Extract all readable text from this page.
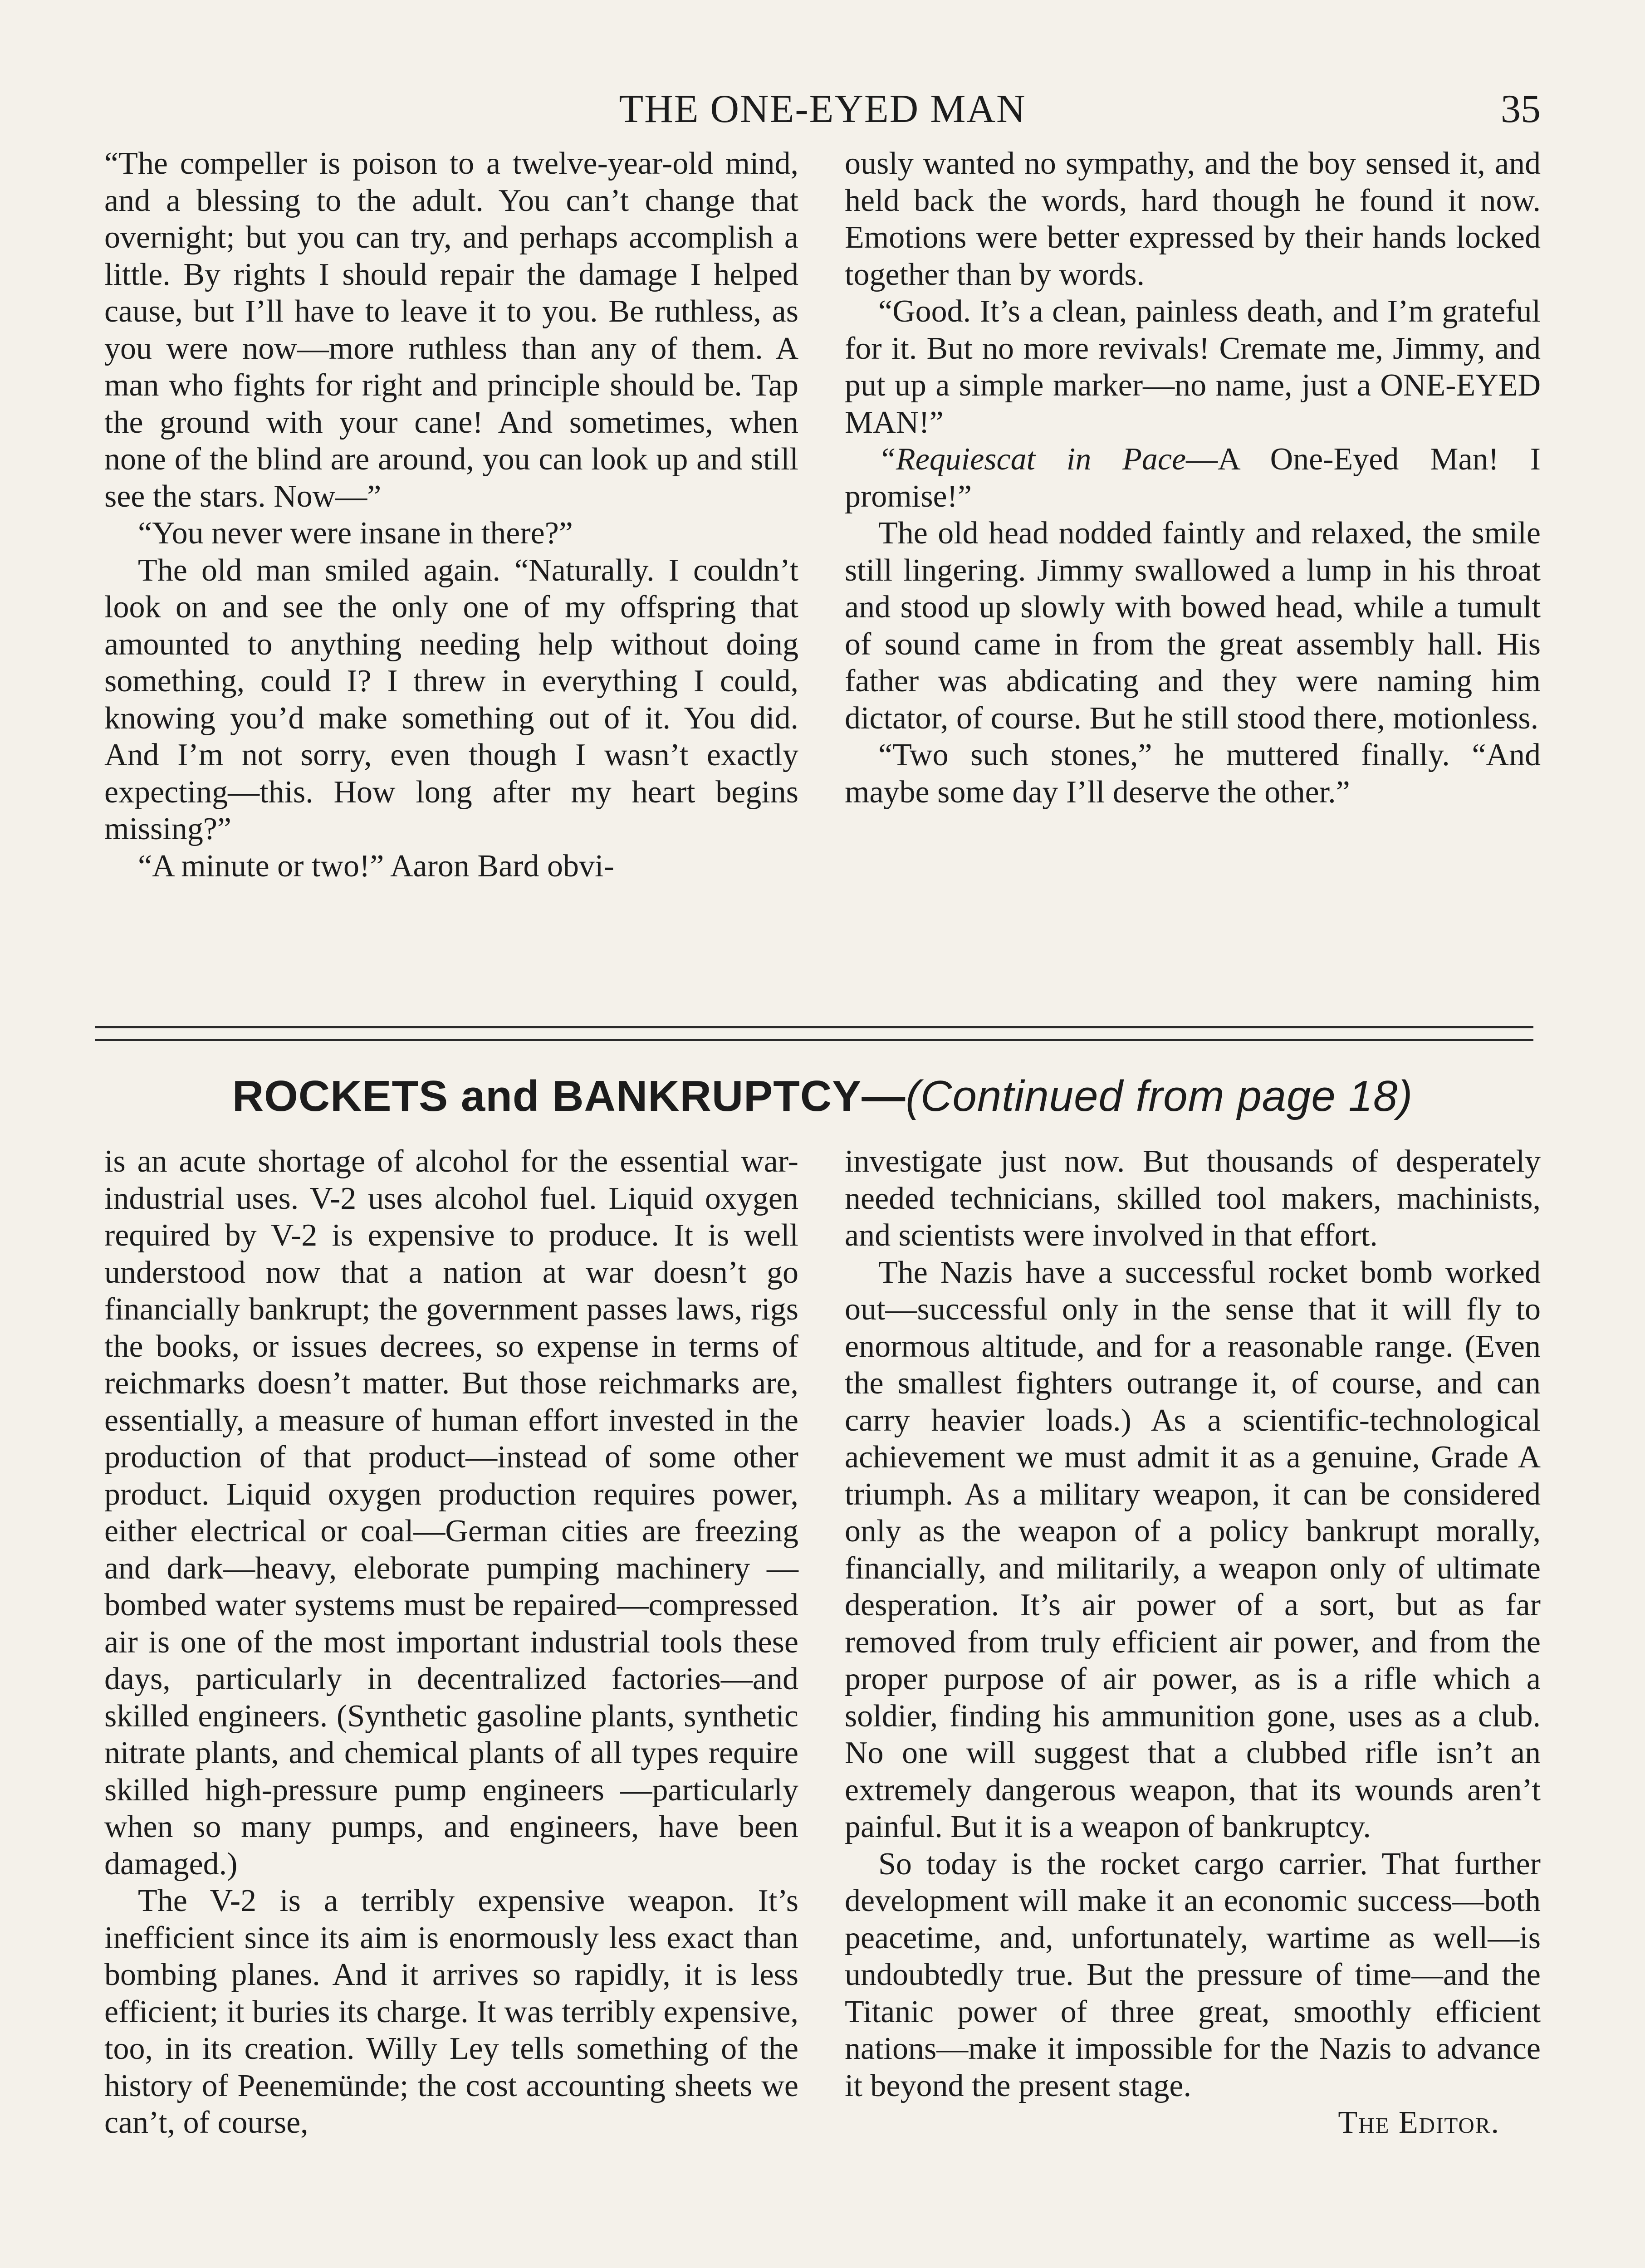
THE ONE-EYED MAN	35

“The compeller is poison to a twelve-year-old mind, and a blessing to the adult. You can’t change that overnight; but you can try, and perhaps accomplish a little. By rights I should repair the damage I helped cause, but I’ll have to leave it to you. Be ruthless, as you were now—more ruthless than any of them. A man who fights for right and principle should be. Tap the ground with your cane! And sometimes, when none of the blind are around, you can look up and still see the stars. Now—”

“You never were insane in there?”

The old man smiled again. “Naturally. I couldn’t look on and see the only one of my offspring that amounted to anything needing help without doing something, could I? I threw in everything I could, knowing you’d make something out of it. You did. And I’m not sorry, even though I wasn’t exactly expecting—this. How long after my heart begins missing?”

“A minute or two!” Aaron Bard obvi-

ously wanted no sympathy, and the boy sensed it, and held back the words, hard though he found it now. Emotions were better expressed by their hands locked together than by words.

“Good. It’s a clean, painless death, and I’m grateful for it. But no more revivals! Cremate me, Jimmy, and put up a simple marker—no name, just a ONE-EYED MAN!”

“Requiescat in Pace—A One-Eyed Man! I promise!”

The old head nodded faintly and relaxed, the smile still lingering. Jimmy swallowed a lump in his throat and stood up slowly with bowed head, while a tumult of sound came in from the great assembly hall. His father was abdicating and they were naming him dictator, of course. But he still stood there, motionless.

“Two such stones,” he muttered finally. “And maybe some day I’ll deserve the other.”

ROCKETS and BANKRUPTCY—(Continued from page 18)

is an acute shortage of alcohol for the essential war-industrial uses. V-2 uses alcohol fuel. Liquid oxygen required by V-2 is expensive to produce. It is well understood now that a nation at war doesn’t go financially bankrupt; the government passes laws, rigs the books, or issues decrees, so expense in terms of reichmarks doesn’t matter. But those reichmarks are, essentially, a measure of human effort invested in the production of that product—instead of some other product. Liquid oxygen production requires power, either electrical or coal—German cities are freezing and dark—heavy, eleborate pumping machinery — bombed water systems must be repaired—compressed air is one of the most important industrial tools these days, particularly in decentralized factories—and skilled engineers. (Synthetic gasoline plants, synthetic nitrate plants, and chemical plants of all types require skilled high-pressure pump engineers —particularly when so many pumps, and engineers, have been damaged.)

The V-2 is a terribly expensive weapon. It’s inefficient since its aim is enormously less exact than bombing planes. And it arrives so rapidly, it is less efficient; it buries its charge. It was terribly expensive, too, in its creation. Willy Ley tells something of the history of Peenemünde; the cost accounting sheets we can’t, of course,

investigate just now. But thousands of desperately needed technicians, skilled tool makers, machinists, and scientists were involved in that effort.

The Nazis have a successful rocket bomb worked out—successful only in the sense that it will fly to enormous altitude, and for a reasonable range. (Even the smallest fighters outrange it, of course, and can carry heavier loads.) As a scientific-technological achievement we must admit it as a genuine, Grade A triumph. As a military weapon, it can be considered only as the weapon of a policy bankrupt morally, financially, and militarily, a weapon only of ultimate desperation. It’s air power of a sort, but as far removed from truly efficient air power, and from the proper purpose of air power, as is a rifle which a soldier, finding his ammunition gone, uses as a club. No one will suggest that a clubbed rifle isn’t an extremely dangerous weapon, that its wounds aren’t painful. But it is a weapon of bankruptcy.

So today is the rocket cargo carrier. That further development will make it an economic success—both peacetime, and, unfortunately, wartime as well—is undoubtedly true. But the pressure of time—and the Titanic power of three great, smoothly efficient nations—make it impossible for the Nazis to advance it beyond the present stage.

The Editor.
